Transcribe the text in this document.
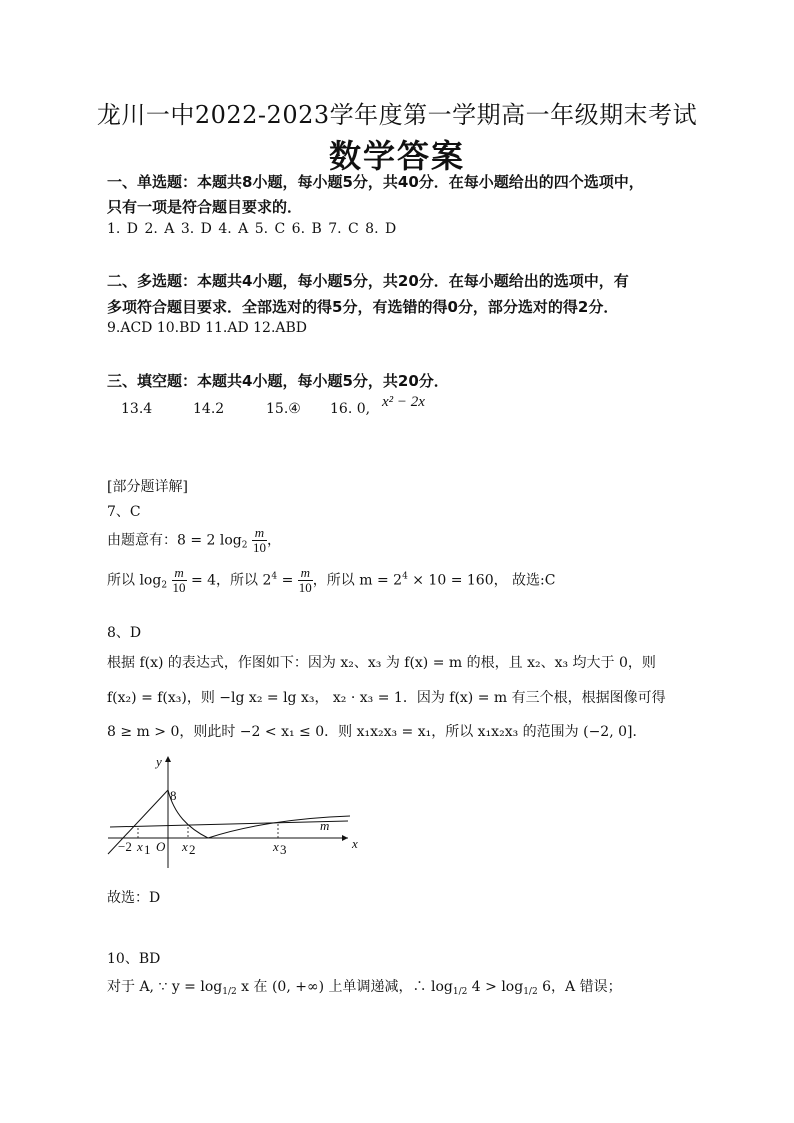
龙川一中2022-2023学年度第一学期高一年级期末考试
数学答案
一、单选题：本题共8小题，每小题5分，共40分．在每小题给出的四个选项中，
只有一项是符合题目要求的．
1. D 2. A 3. D 4. A 5. C 6. B 7. C 8. D
二、多选题：本题共4小题，每小题5分，共20分．在每小题给出的选项中，有
多项符合题目要求．全部选对的得5分，有选错的得0分，部分选对的得2分．
9.ACD 10.BD 11.AD 12.ABD
三、填空题：本题共4小题，每小题5分，共20分．
13.4	14.2	15.④ 16. 0, x² − 2x
[部分题详解]
7、C
由题意有：8 = 2 $\log_2 \frac{m}{10}$ ，
所以 $\log_2 \frac{m}{10} = 4$，所以 $2^4 = \frac{m}{10}$ ，所以 $m = 2^4 \times 10 = 160$， 故选:C
8、D
根据 f(x) 的表达式，作图如下：因为 x₂、x₃ 为 f(x) = m 的根，且 x₂、x₃ 均大于 0，则
f(x₂) = f(x₃)，则 −lg x₂ = lg x₃， x₂ · x₃ = 1．因为 f(x) = m 有三个根，根据图像可得
8 ≥ m > 0，则此时 −2 < x₁ ≤ 0．则 x₁x₂x₃ = x₁，所以 x₁x₂x₃ 的范围为 (−2, 0]．
y
x
8
m
−2 x 1 O x 2	x 3
故选：D
10、BD
对于 A, ∵ $y = \log_{1/2} x$ 在 (0, +∞) 上单调递减，∴ $\log_{1/2} 4 > \log_{1/2} 6$，A 错误；
